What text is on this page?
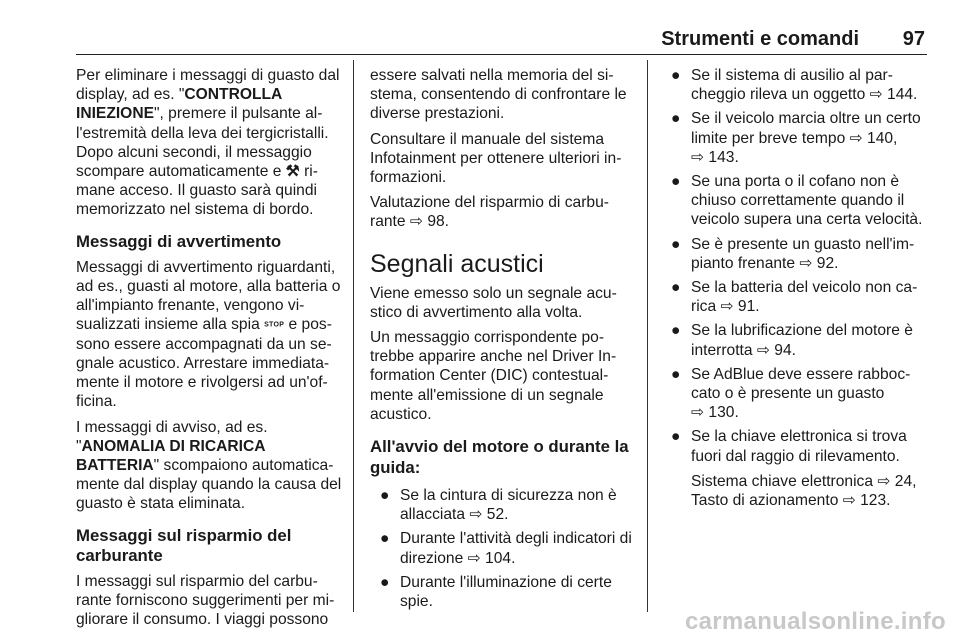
Strumenti e comandi 97

Per eliminare i messaggi di guasto dal display, ad es. "CONTROLLA INIEZIONE", premere il pulsante all'estremità della leva dei tergicristalli. Dopo alcuni secondi, il messaggio scompare automaticamente e ⚒ rimane acceso. Il guasto sarà quindi memorizzato nel sistema di bordo.

Messaggi di avvertimento

Messaggi di avvertimento riguardanti, ad es., guasti al motore, alla batteria o all'impianto frenante, vengono visualizzati insieme alla spia STOP e possono essere accompagnati da un segnale acustico. Arrestare immediatamente il motore e rivolgersi ad un'officina.

I messaggi di avviso, ad es. "ANOMALIA DI RICARICA BATTERIA" scompaiono automaticamente dal display quando la causa del guasto è stata eliminata.

Messaggi sul risparmio del carburante

I messaggi sul risparmio del carburante forniscono suggerimenti per migliorare il consumo. I viaggi possono

essere salvati nella memoria del sistema, consentendo di confrontare le diverse prestazioni.

Consultare il manuale del sistema Infotainment per ottenere ulteriori informazioni.

Valutazione del risparmio di carburante ⇨ 98.

Segnali acustici

Viene emesso solo un segnale acustico di avvertimento alla volta.

Un messaggio corrispondente potrebbe apparire anche nel Driver Information Center (DIC) contestualmente all'emissione di un segnale acustico.

All'avvio del motore o durante la guida:
● Se la cintura di sicurezza non è allacciata ⇨ 52.
● Durante l'attività degli indicatori di direzione ⇨ 104.
● Durante l'illuminazione di certe spie.
● Se il sistema di ausilio al parcheggio rileva un oggetto ⇨ 144.
● Se il veicolo marcia oltre un certo limite per breve tempo ⇨ 140,
⇨ 143.
● Se una porta o il cofano non è chiuso correttamente quando il veicolo supera una certa velocità.
● Se è presente un guasto nell'impianto frenante ⇨ 92.
● Se la batteria del veicolo non carica ⇨ 91.
● Se la lubrificazione del motore è interrotta ⇨ 94.
● Se AdBlue deve essere rabboccato o è presente un guasto
⇨ 130.
● Se la chiave elettronica si trova fuori dal raggio di rilevamento.
Sistema chiave elettronica ⇨ 24,
Tasto di azionamento ⇨ 123.
carmanualsonline.info
